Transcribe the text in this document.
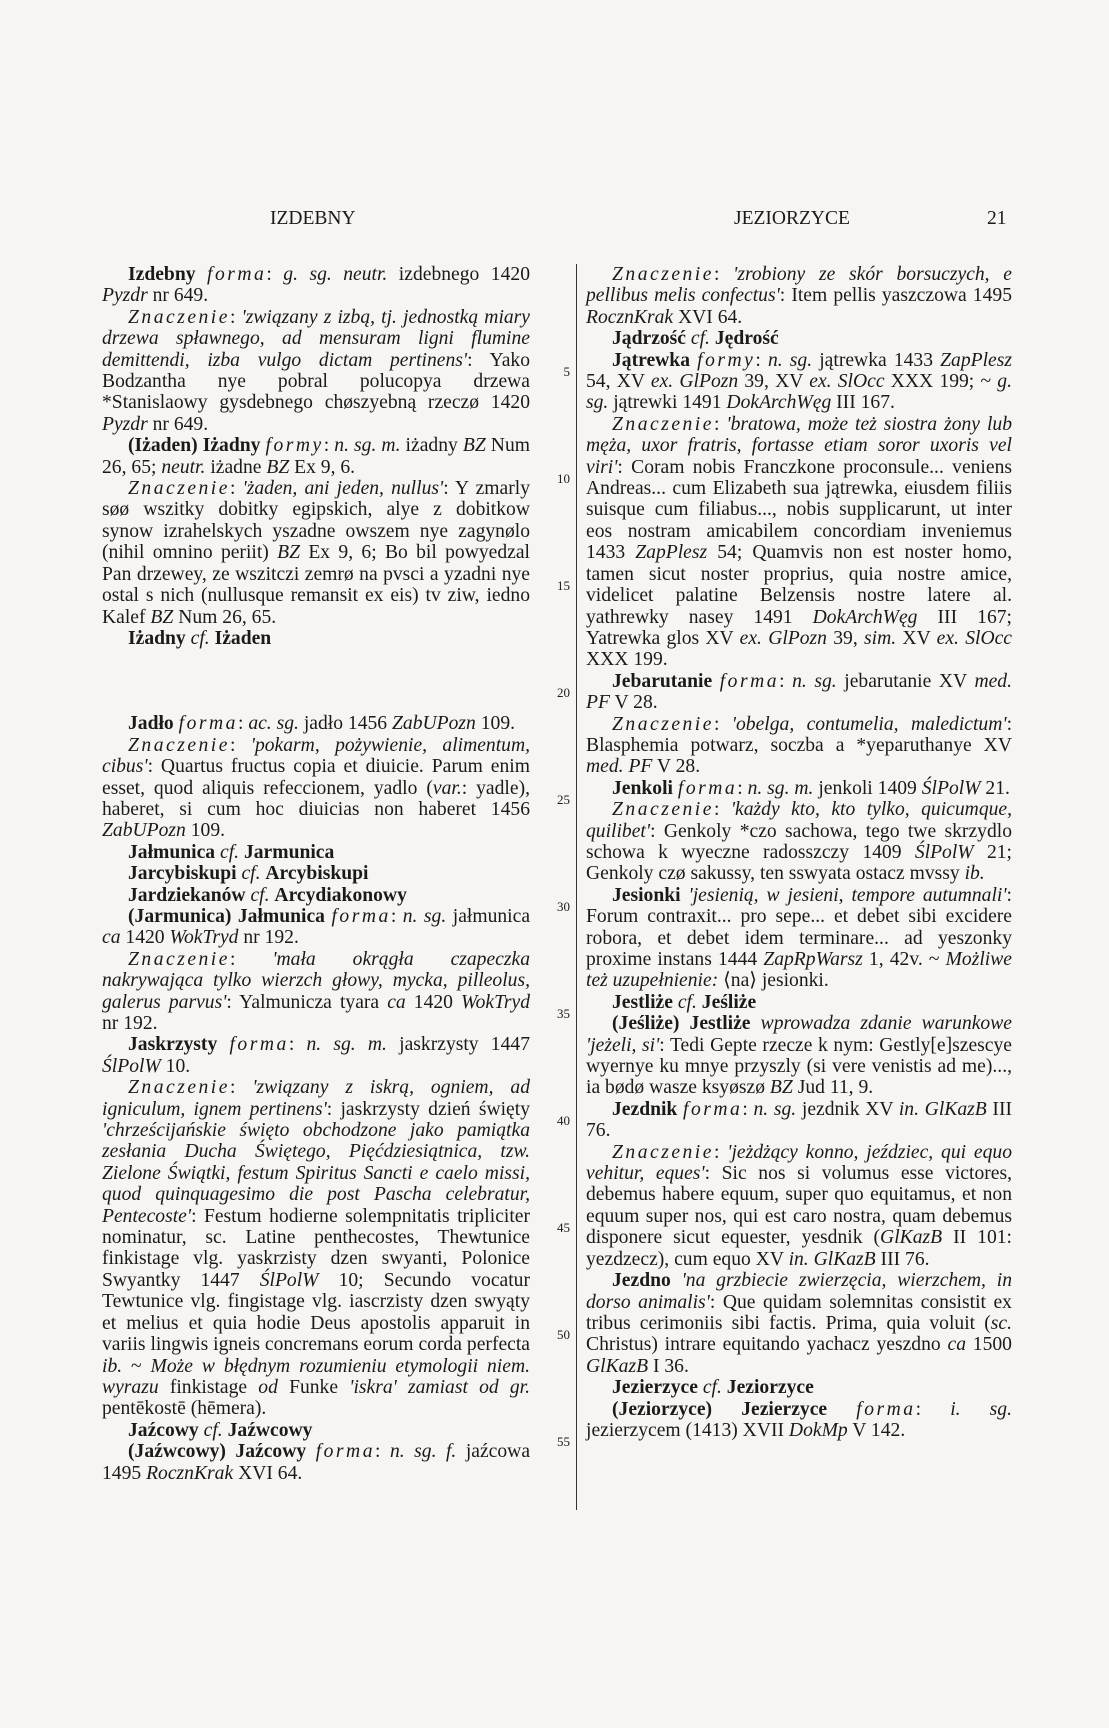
IZDEBNY	JEZIORZYCE	21

Izdebny forma: g. sg. neutr. izdebnego 1420 Pyzdr nr 649.

Znaczenie: 'związany z izbą, tj. jednostką miary drzewa spławnego, ad mensuram ligni flumine demittendi, izba vulgo dictam pertinens': Yako Bodzantha nye pobral polucopya drzewa *Stanislaowy gysdebnego chøszyebną rzeczø 1420 Pyzdr nr 649.

(Iżaden) Iżadny formy: n. sg. m. iżadny BZ Num 26, 65; neutr. iżadne BZ Ex 9, 6.

Znaczenie: 'żaden, ani jeden, nullus': Y zmarly søø wszitky dobitky egipskich, alye z dobitkow synow izrahelskych yszadne owszem nye zagynølo (nihil omnino periit) BZ Ex 9, 6; Bo bil powyedzal Pan drzewey, ze wszitczi zemrø na pvsci a yzadni nye ostal s nich (nullusque remansit ex eis) tv ziw, iedno Kalef BZ Num 26, 65.

Iżadny cf. Iżaden

Jadło forma: ac. sg. jadło 1456 ZabUPozn 109.

Znaczenie: 'pokarm, pożywienie, alimentum, cibus': Quartus fructus copia et diuicie. Parum enim esset, quod aliquis refeccionem, yadlo (var.: yadle), haberet, si cum hoc diuicias non haberet 1456 ZabUPozn 109.

Jałmunica cf. Jarmunica

Jarcybiskupi cf. Arcybiskupi

Jardziekanów cf. Arcydiakonowy

(Jarmunica) Jałmunica forma: n. sg. jałmunica ca 1420 WokTryd nr 192.

Znaczenie: 'mała okrągła czapeczka nakrywająca tylko wierzch głowy, mycka, pilleolus, galerus parvus': Yalmunicza tyara ca 1420 WokTryd nr 192.

Jaskrzysty forma: n. sg. m. jaskrzysty 1447 ŚlPolW 10.

Znaczenie: 'związany z iskrą, ogniem, ad igniculum, ignem pertinens': jaskrzysty dzień święty 'chrześcijańskie święto obchodzone jako pamiątka zesłania Ducha Świętego, Pięćdziesiątnica, tzw. Zielone Świątki, festum Spiritus Sancti e caelo missi, quod quinquagesimo die post Pascha celebratur, Pentecoste': Festum hodierne solempnitatis tripliciter nominatur, sc. Latine penthecostes, Thewtunice finkistage vlg. yaskrzisty dzen swyanti, Polonice Swyantky 1447 ŚlPolW 10; Secundo vocatur Tewtunice vlg. fingistage vlg. iascrzisty dzen swyąty et melius et quia hodie Deus apostolis apparuit in variis lingwis igneis concremans eorum corda perfecta ib. ~ Może w błędnym rozumieniu etymologii niem. wyrazu finkistage od Funke 'iskra' zamiast od gr. pentēkostē (hēmera).

Jaźcowy cf. Jaźwcowy

(Jaźwcowy) Jaźcowy forma: n. sg. f. jaźcowa 1495 RocznKrak XVI 64.

5
10
15
20
25
30
35
40
45
50
55

Znaczenie: 'zrobiony ze skór borsuczych, e pellibus melis confectus': Item pellis yaszczowa 1495 RocznKrak XVI 64.

Jądrzość cf. Jędrość

Jątrewka formy: n. sg. jątrewka 1433 ZapPlesz 54, XV ex. GlPozn 39, XV ex. SlOcc XXX 199; ~ g. sg. jątrewki 1491 DokArchWęg III 167.

Znaczenie: 'bratowa, może też siostra żony lub męża, uxor fratris, fortasse etiam soror uxoris vel viri': Coram nobis Franczkone proconsule... veniens Andreas... cum Elizabeth sua jątrewka, eiusdem filiis suisque cum filiabus..., nobis supplicarunt, ut inter eos nostram amicabilem concordiam inveniemus 1433 ZapPlesz 54; Quamvis non est noster homo, tamen sicut noster proprius, quia nostre amice, videlicet palatine Belzensis nostre latere al. yathrewky nasey 1491 DokArchWęg III 167; Yatrewka glos XV ex. GlPozn 39, sim. XV ex. SlOcc XXX 199.

Jebarutanie forma: n. sg. jebarutanie XV med. PF V 28.

Znaczenie: 'obelga, contumelia, maledictum': Blasphemia potwarz, soczba a *yeparuthanye XV med. PF V 28.

Jenkoli forma: n. sg. m. jenkoli 1409 ŚlPolW 21.

Znaczenie: 'każdy kto, kto tylko, quicumque, quilibet': Genkoly *czo sachowa, tego twe skrzydlo schowa k wyeczne radosszczy 1409 ŚlPolW 21; Genkoly czø sakussy, ten sswyata ostacz mvssy ib.

Jesionki 'jesienią, w jesieni, tempore autumnali': Forum contraxit... pro sepe... et debet sibi excidere robora, et debet idem terminare... ad yeszonky proxime instans 1444 ZapRpWarsz 1, 42v. ~ Możliwe też uzupełnienie: ⟨na⟩ jesionki.

Jestliże cf. Jeśliże

(Jeśliże) Jestliże wprowadza zdanie warunkowe 'jeżeli, si': Tedi Gepte rzecze k nym: Gestly[e]szescye wyernye ku mnye przyszly (si vere venistis ad me)..., ia bødø wasze ksyøszø BZ Jud 11, 9.

Jezdnik forma: n. sg. jezdnik XV in. GlKazB III 76.

Znaczenie: 'jeżdżący konno, jeździec, qui equo vehitur, eques': Sic nos si volumus esse victores, debemus habere equum, super quo equitamus, et non equum super nos, qui est caro nostra, quam debemus disponere sicut equester, yesdnik (GlKazB II 101: yezdzecz), cum equo XV in. GlKazB III 76.

Jezdno 'na grzbiecie zwierzęcia, wierzchem, in dorso animalis': Que quidam solemnitas consistit ex tribus cerimoniis sibi factis. Prima, quia voluit (sc. Christus) intrare equitando yachacz yeszdno ca 1500 GlKazB I 36.

Jezierzyce cf. Jeziorzyce

(Jeziorzyce) Jezierzyce forma: i. sg. jezierzycem (1413) XVII DokMp V 142.
